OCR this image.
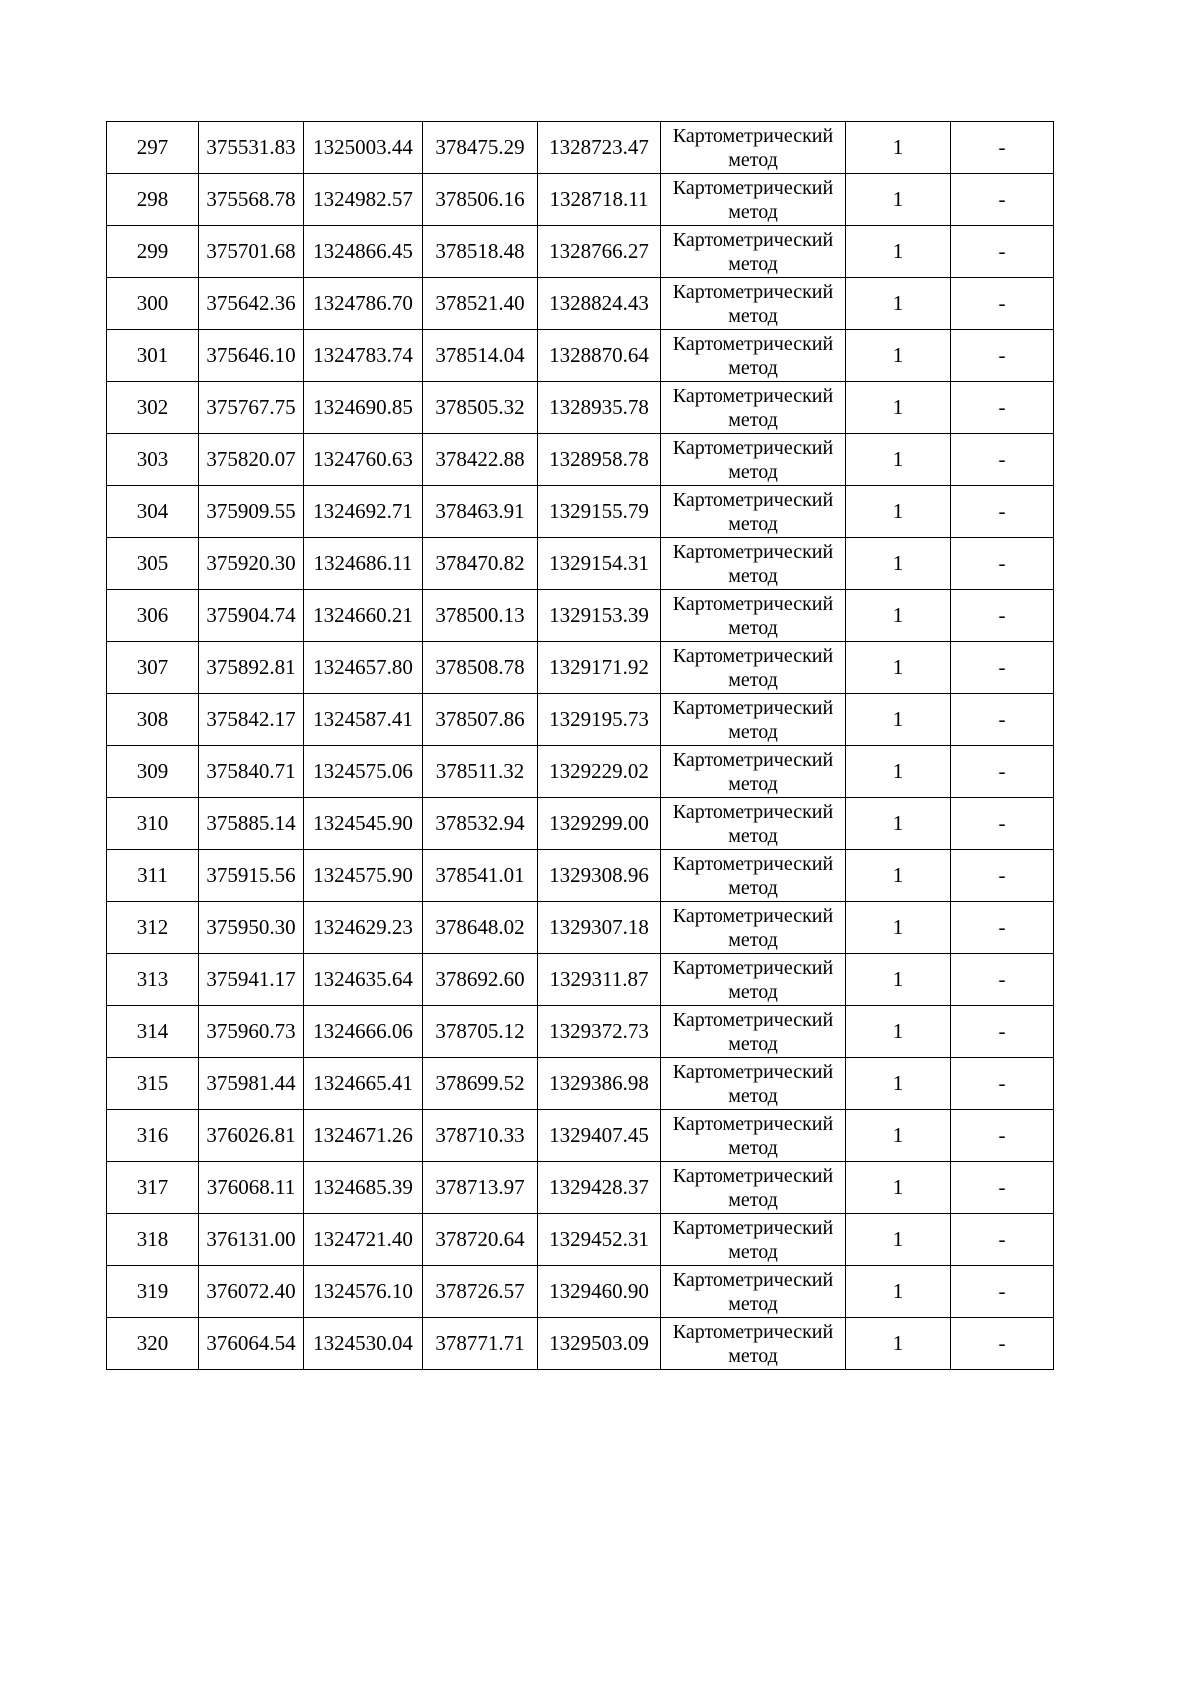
297	375531.83	1325003.44	378475.29	1328723.47	Картометрический
метод	1	-
298	375568.78	1324982.57	378506.16	1328718.11	Картометрический
метод	1	-
299	375701.68	1324866.45	378518.48	1328766.27	Картометрический
метод	1	-
300	375642.36	1324786.70	378521.40	1328824.43	Картометрический
метод	1	-
301	375646.10	1324783.74	378514.04	1328870.64	Картометрический
метод	1	-
302	375767.75	1324690.85	378505.32	1328935.78	Картометрический
метод	1	-
303	375820.07	1324760.63	378422.88	1328958.78	Картометрический
метод	1	-
304	375909.55	1324692.71	378463.91	1329155.79	Картометрический
метод	1	-
305	375920.30	1324686.11	378470.82	1329154.31	Картометрический
метод	1	-
306	375904.74	1324660.21	378500.13	1329153.39	Картометрический
метод	1	-
307	375892.81	1324657.80	378508.78	1329171.92	Картометрический
метод	1	-
308	375842.17	1324587.41	378507.86	1329195.73	Картометрический
метод	1	-
309	375840.71	1324575.06	378511.32	1329229.02	Картометрический
метод	1	-
310	375885.14	1324545.90	378532.94	1329299.00	Картометрический
метод	1	-
311	375915.56	1324575.90	378541.01	1329308.96	Картометрический
метод	1	-
312	375950.30	1324629.23	378648.02	1329307.18	Картометрический
метод	1	-
313	375941.17	1324635.64	378692.60	1329311.87	Картометрический
метод	1	-
314	375960.73	1324666.06	378705.12	1329372.73	Картометрический
метод	1	-
315	375981.44	1324665.41	378699.52	1329386.98	Картометрический
метод	1	-
316	376026.81	1324671.26	378710.33	1329407.45	Картометрический
метод	1	-
317	376068.11	1324685.39	378713.97	1329428.37	Картометрический
метод	1	-
318	376131.00	1324721.40	378720.64	1329452.31	Картометрический
метод	1	-
319	376072.40	1324576.10	378726.57	1329460.90	Картометрический
метод	1	-
320	376064.54	1324530.04	378771.71	1329503.09	Картометрический
метод	1	-
